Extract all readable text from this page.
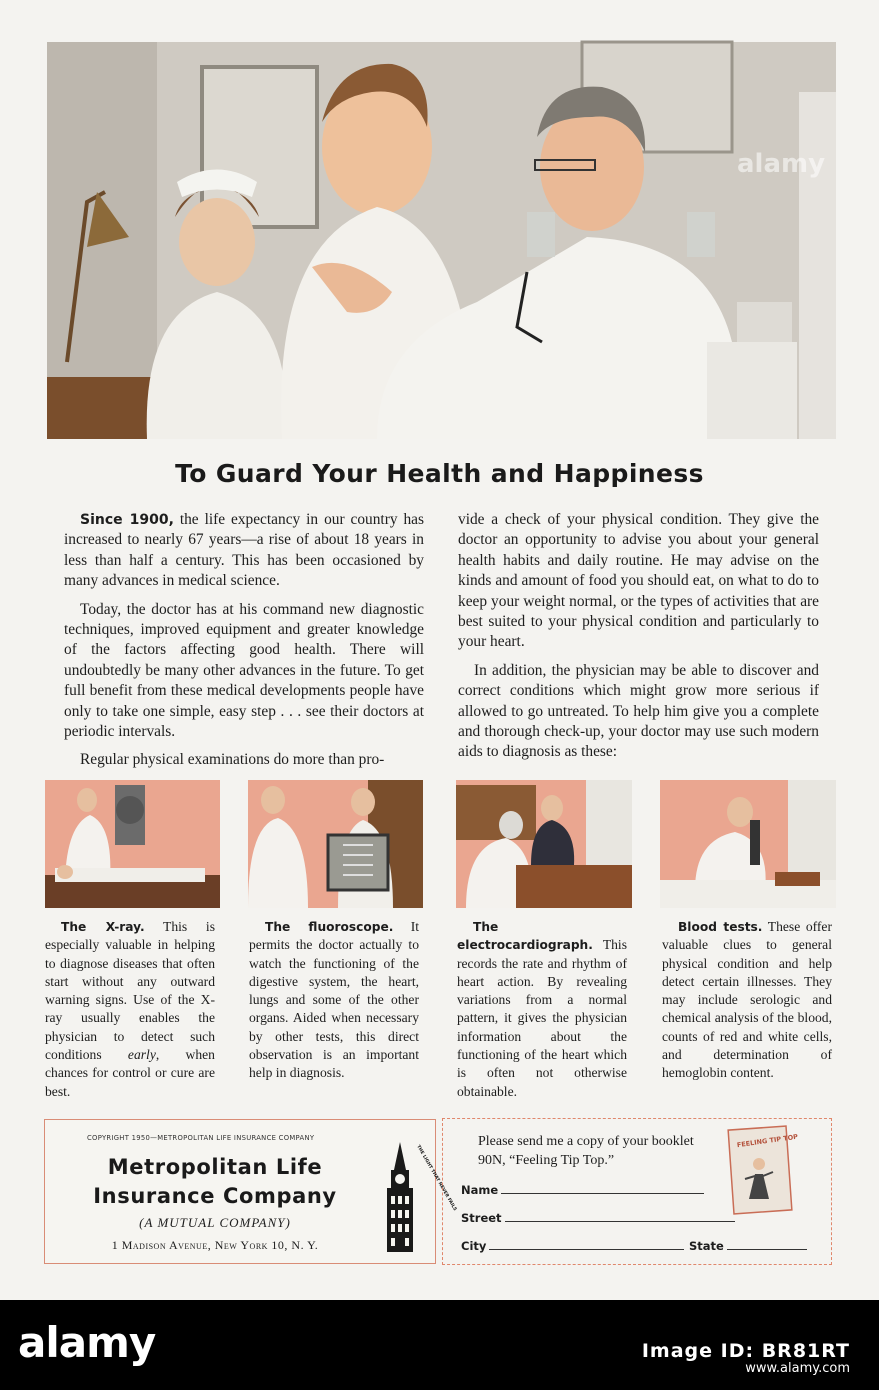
alamy
To Guard Your Health and Happiness

Since 1900, the life expectancy in our country has increased to nearly 67 years—a rise of about 18 years in less than half a century. This has been occasioned by many advances in medical science.

Today, the doctor has at his command new diagnostic techniques, improved equipment and greater knowledge of the factors affecting good health. There will undoubtedly be many other advances in the future. To get full benefit from these medical developments people have only to take one simple, easy step . . . see their doctors at periodic intervals.

Regular physical examinations do more than pro-

vide a check of your physical condition. They give the doctor an opportunity to advise you about your general health habits and daily routine. He may advise on the kinds and amount of food you should eat, on what to do to keep your weight normal, or the types of activities that are best suited to your physical condition and particularly to your heart.

In addition, the physician may be able to discover and correct conditions which might grow more serious if allowed to go untreated. To help him give you a complete and thorough check-up, your doctor may use such modern aids to diagnosis as these:

The X-ray. This is especially valuable in helping to diagnose diseases that often start without any outward warning signs. Use of the X-ray usually enables the physician to detect such conditions early, when chances for control or cure are best.
The fluoroscope. It permits the doctor actually to watch the functioning of the digestive system, the heart, lungs and some of the other organs. Aided when necessary by other tests, this direct observation is an important help in diagnosis.
The electrocardiograph. This records the rate and rhythm of heart action. By revealing variations from a normal pattern, it gives the physician information about the functioning of the heart which is often not otherwise obtainable.
Blood tests. These offer valuable clues to general physical condition and help detect certain illnesses. They may include serologic and chemical analysis of the blood, counts of red and white cells, and determination of hemoglobin content.
COPYRIGHT 1950—METROPOLITAN LIFE INSURANCE COMPANY
Metropolitan Life
Insurance Company
(A MUTUAL COMPANY)
1 Madison Avenue, New York 10, N. Y.
THE LIGHT THAT NEVER FAILS
Please send me a copy of your booklet 90N, “Feeling Tip Top.”
Name
Street
City	State
FEELING TIP TOP
alamy	Image ID: BR81RT
www.alamy.com
